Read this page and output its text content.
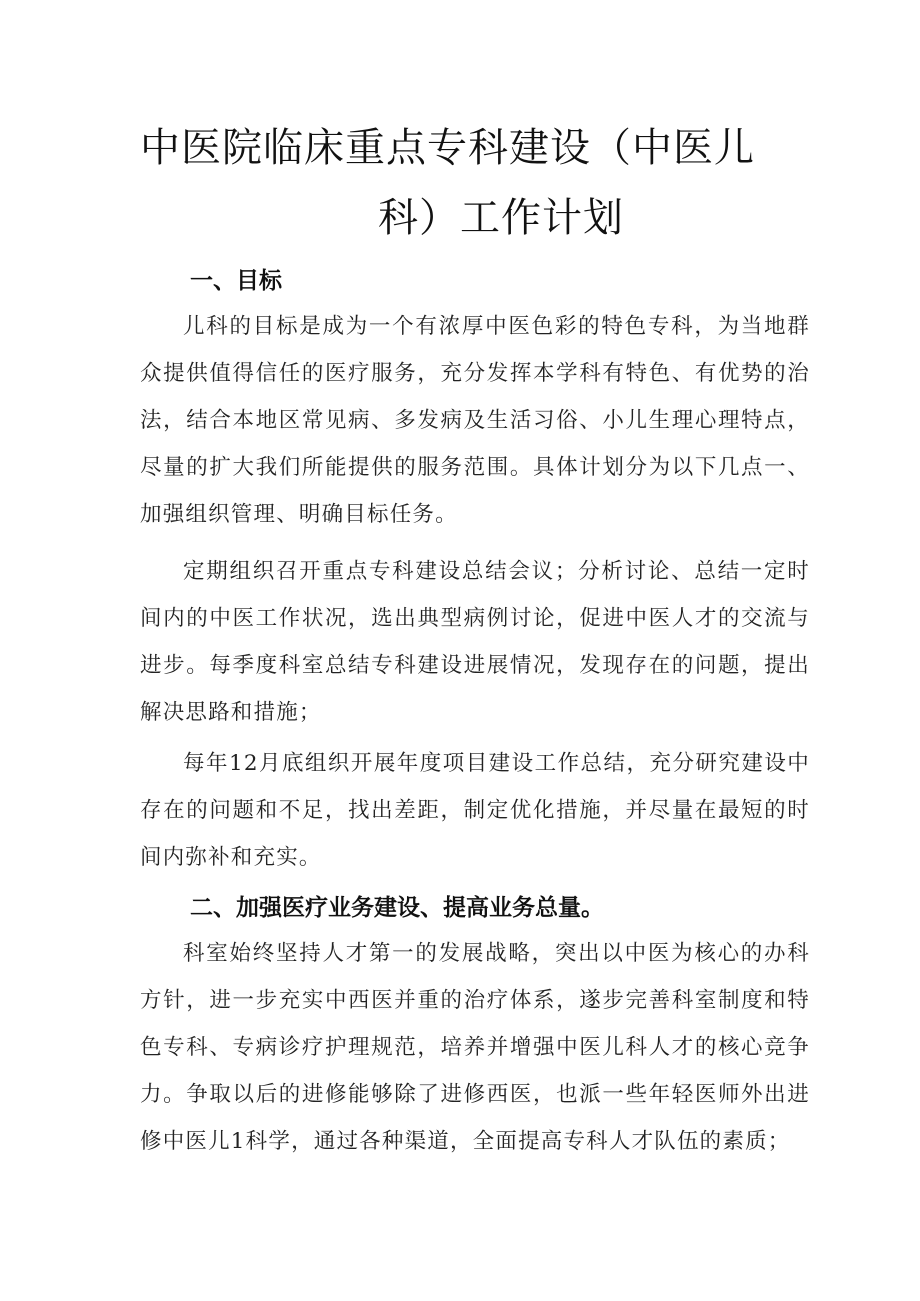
中医院临床重点专科建设（中医儿
科）工作计划
一、目标

儿科的目标是成为一个有浓厚中医色彩的特色专科，为当地群众提供值得信任的医疗服务，充分发挥本学科有特色、有优势的治法，结合本地区常见病、多发病及生活习俗、小儿生理心理特点，尽量的扩大我们所能提供的服务范围。具体计划分为以下几点一、加强组织管理、明确目标任务。

定期组织召开重点专科建设总结会议；分析讨论、总结一定时间内的中医工作状况，选出典型病例讨论，促进中医人才的交流与进步。每季度科室总结专科建设进展情况，发现存在的问题，提出解决思路和措施；

每年12月底组织开展年度项目建设工作总结，充分研究建设中存在的问题和不足，找出差距，制定优化措施，并尽量在最短的时间内弥补和充实。

二、加强医疗业务建设、提高业务总量。

科室始终坚持人才第一的发展战略，突出以中医为核心的办科方针，进一步充实中西医并重的治疗体系，遂步完善科室制度和特色专科、专病诊疗护理规范，培养并增强中医儿科人才的核心竞争力。争取以后的进修能够除了进修西医，也派一些年轻医师外出进修中医儿1科学，通过各种渠道，全面提高专科人才队伍的素质；
